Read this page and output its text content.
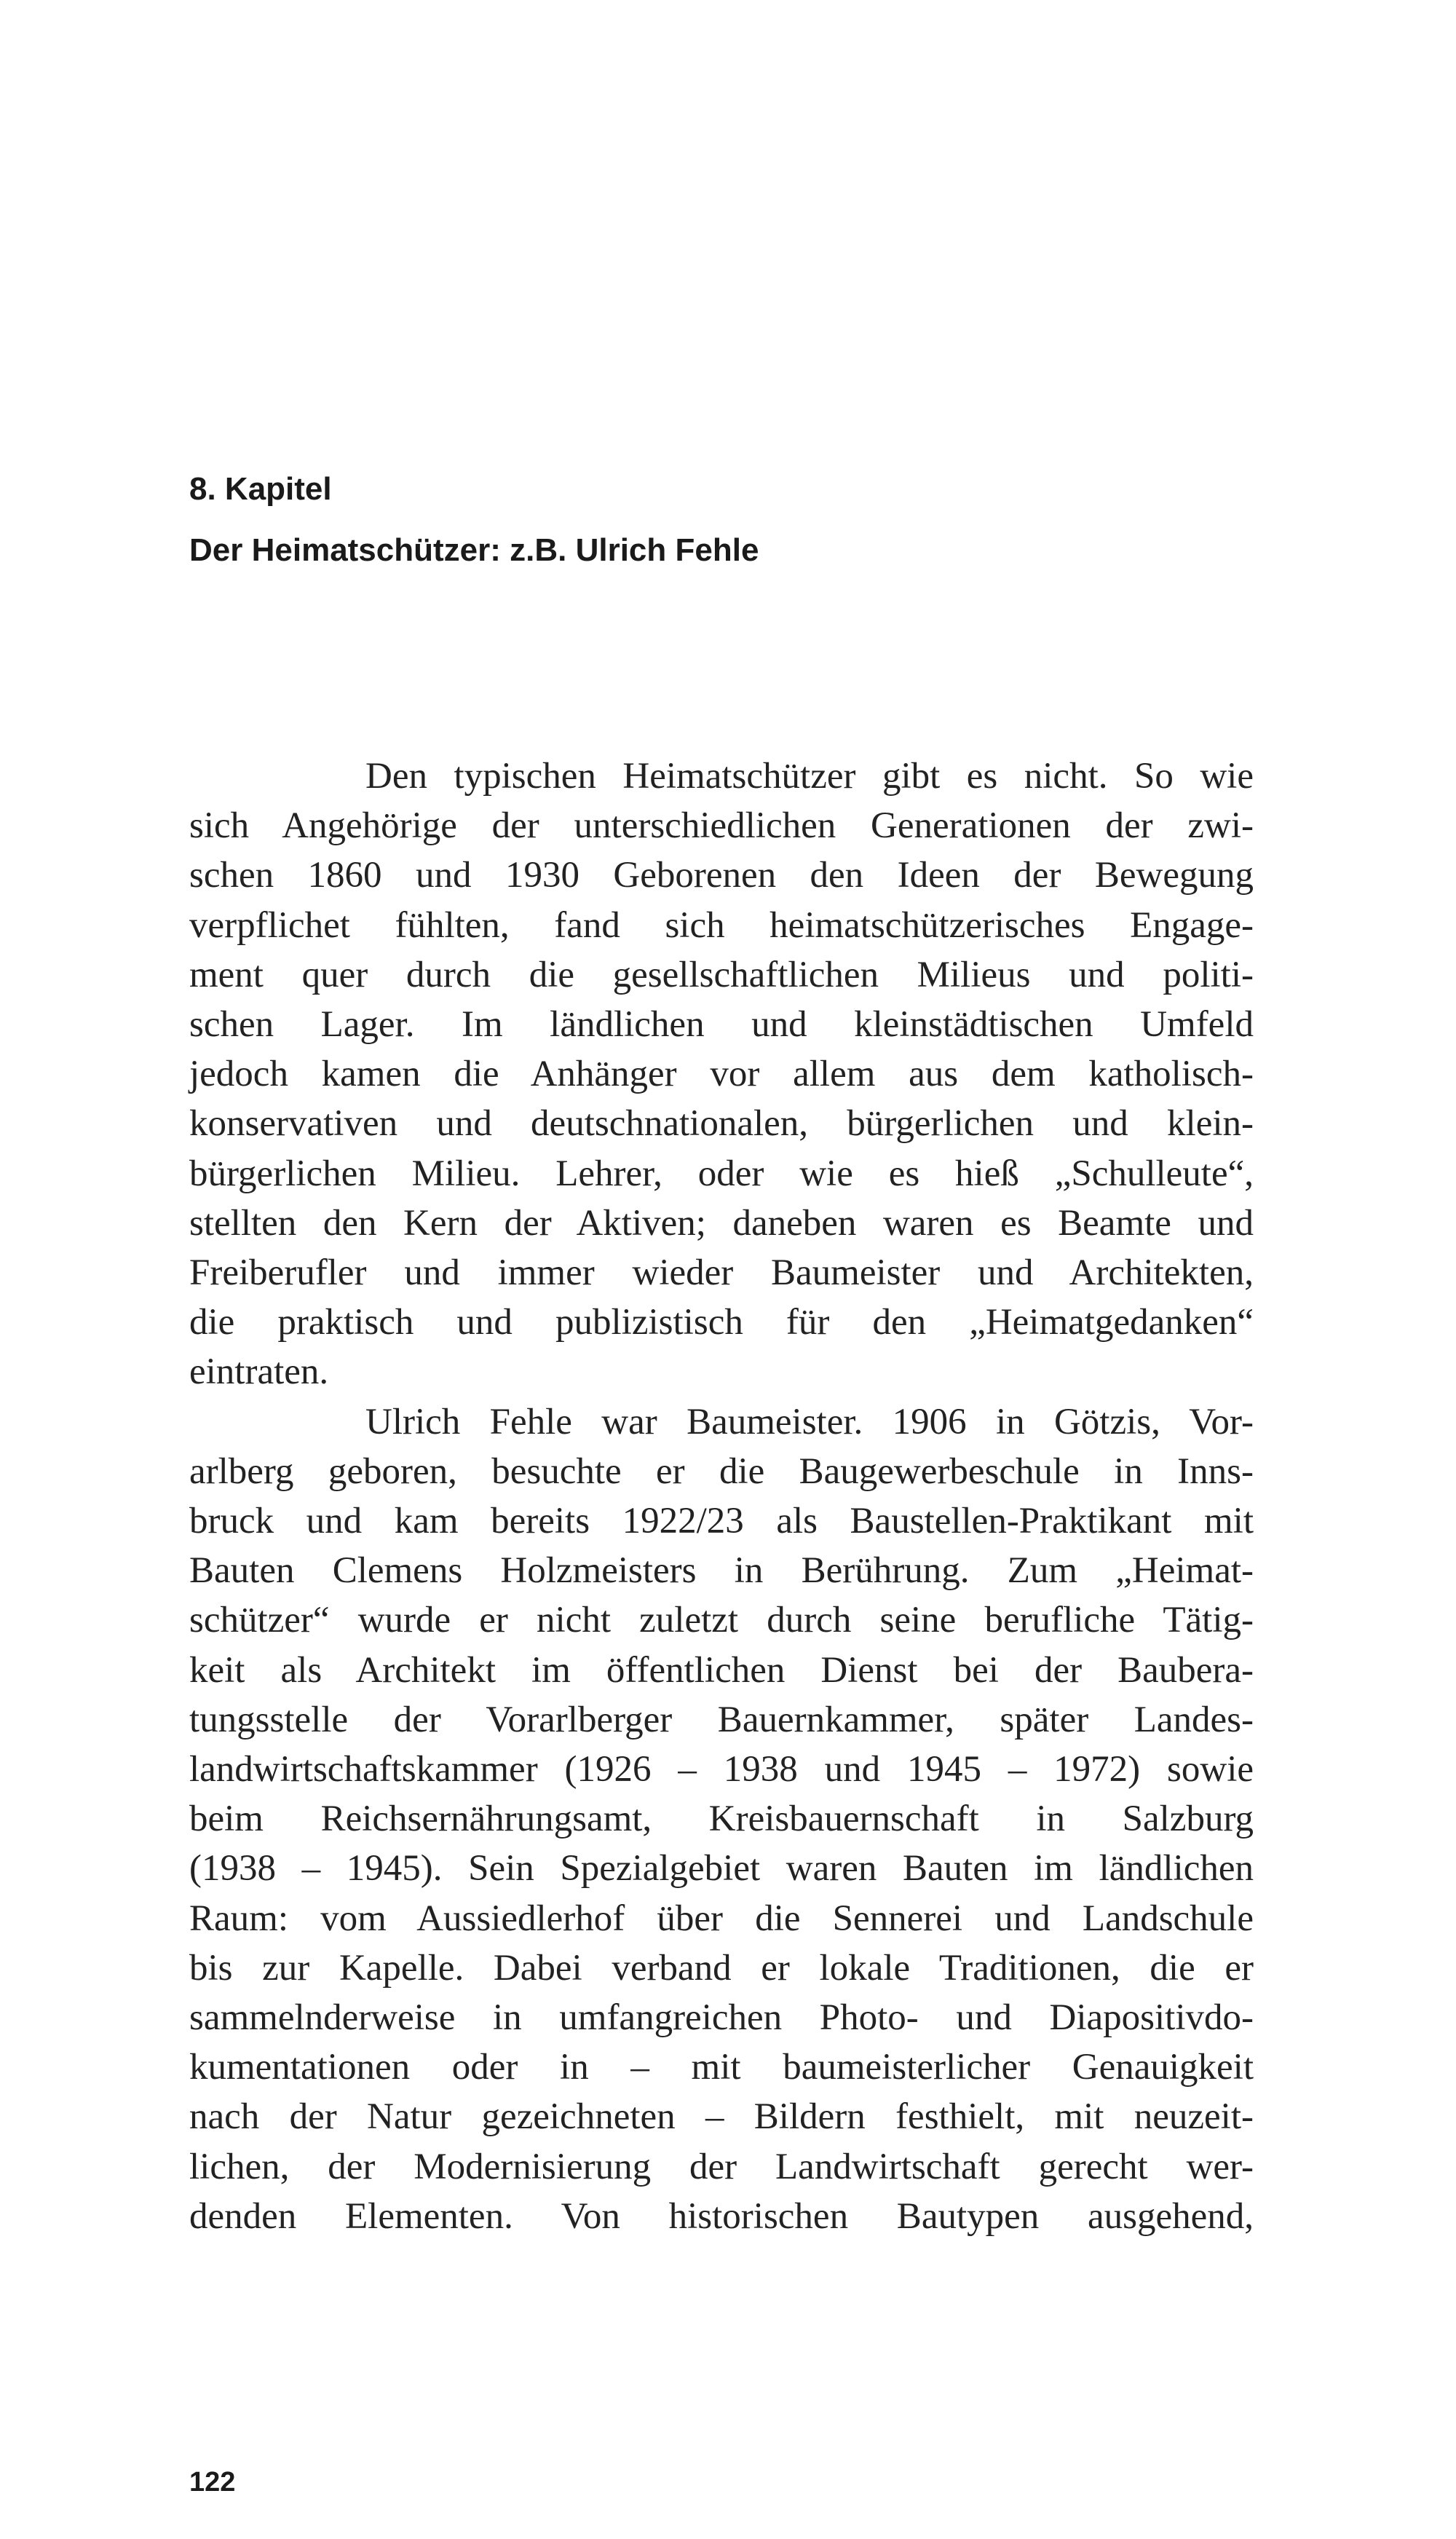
8. Kapitel
Der Heimatschützer: z.B. Ulrich Fehle
Den typischen Heimatschützer gibt es nicht. So wie
sich Angehörige der unterschiedlichen Generationen der zwi-
schen 1860 und 1930 Geborenen den Ideen der Bewegung
verpflichet fühlten, fand sich heimatschützerisches Engage-
ment quer durch die gesellschaftlichen Milieus und politi-
schen Lager. Im ländlichen und kleinstädtischen Umfeld
jedoch kamen die Anhänger vor allem aus dem katholisch-
konservativen und deutschnationalen, bürgerlichen und klein-
bürgerlichen Milieu. Lehrer, oder wie es hieß „Schulleute“,
stellten den Kern der Aktiven; daneben waren es Beamte und
Freiberufler und immer wieder Baumeister und Architekten,
die praktisch und publizistisch für den „Heimatgedanken“
eintraten.
Ulrich Fehle war Baumeister. 1906 in Götzis, Vor-
arlberg geboren, besuchte er die Baugewerbeschule in Inns-
bruck und kam bereits 1922/23 als Baustellen-Praktikant mit
Bauten Clemens Holzmeisters in Berührung. Zum „Heimat-
schützer“ wurde er nicht zuletzt durch seine berufliche Tätig-
keit als Architekt im öffentlichen Dienst bei der Baubera-
tungsstelle der Vorarlberger Bauernkammer, später Landes-
landwirtschaftskammer (1926 – 1938 und 1945 – 1972) sowie
beim Reichsernährungsamt, Kreisbauernschaft in Salzburg
(1938 – 1945). Sein Spezialgebiet waren Bauten im ländlichen
Raum: vom Aussiedlerhof über die Sennerei und Landschule
bis zur Kapelle. Dabei verband er lokale Traditionen, die er
sammelnderweise in umfangreichen Photo- und Diapositivdo-
kumentationen oder in – mit baumeisterlicher Genauigkeit
nach der Natur gezeichneten – Bildern festhielt, mit neuzeit-
lichen, der Modernisierung der Landwirtschaft gerecht wer-
denden Elementen. Von historischen Bautypen ausgehend,
122
